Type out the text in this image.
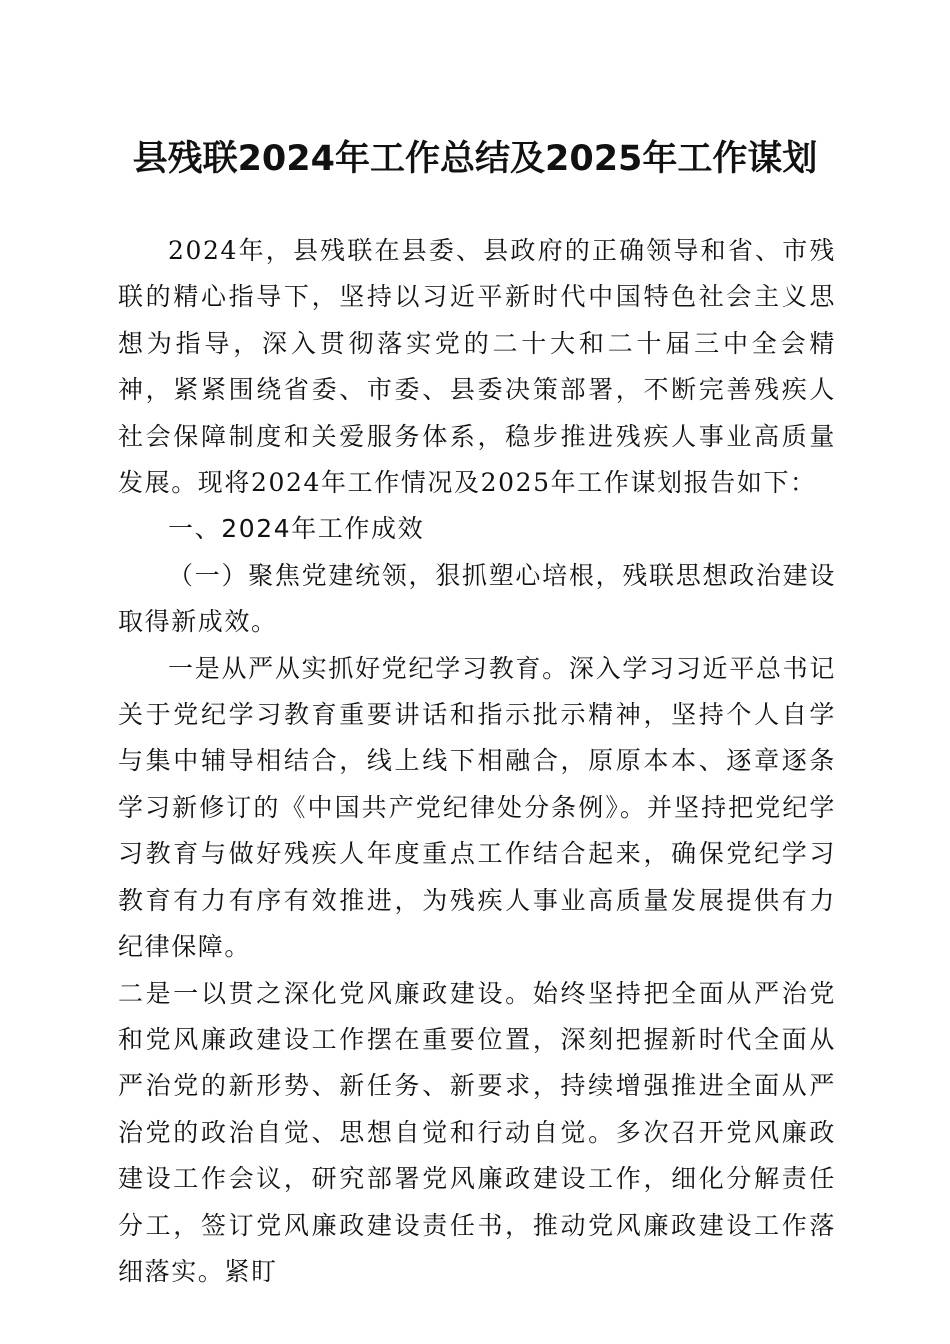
县残联2024年工作总结及2025年工作谋划

2024年，县残联在县委、县政府的正确领导和省、市残联的精心指导下，坚持以习近平新时代中国特色社会主义思想为指导，深入贯彻落实党的二十大和二十届三中全会精神，紧紧围绕省委、市委、县委决策部署，不断完善残疾人社会保障制度和关爱服务体系，稳步推进残疾人事业高质量发展。现将2024年工作情况及2025年工作谋划报告如下：

一、2024年工作成效

（一）聚焦党建统领，狠抓塑心培根，残联思想政治建设取得新成效。

一是从严从实抓好党纪学习教育。深入学习习近平总书记关于党纪学习教育重要讲话和指示批示精神，坚持个人自学与集中辅导相结合，线上线下相融合，原原本本、逐章逐条学习新修订的《中国共产党纪律处分条例》。并坚持把党纪学习教育与做好残疾人年度重点工作结合起来，确保党纪学习教育有力有序有效推进，为残疾人事业高质量发展提供有力纪律保障。

二是一以贯之深化党风廉政建设。始终坚持把全面从严治党和党风廉政建设工作摆在重要位置，深刻把握新时代全面从严治党的新形势、新任务、新要求，持续增强推进全面从严治党的政治自觉、思想自觉和行动自觉。多次召开党风廉政建设工作会议，研究部署党风廉政建设工作，细化分解责任分工，签订党风廉政建设责任书，推动党风廉政建设工作落细落实。紧盯
